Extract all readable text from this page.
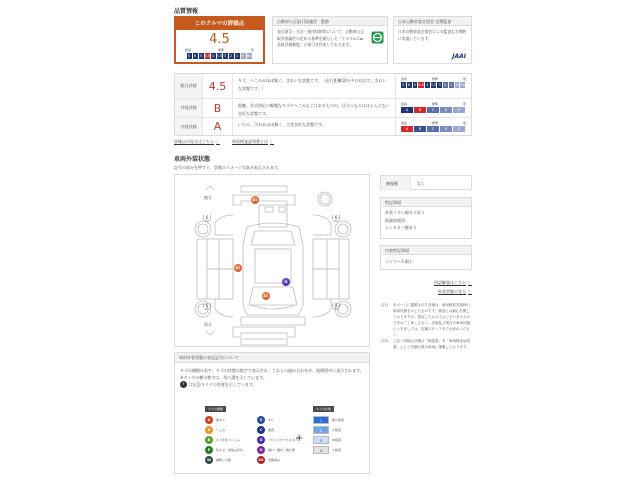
品質情報
このクルマの評価点
4.5
最高	標準	低
S	6	5 4.5 4 3.5 3	2	1	R RA
自動車公正取引協議会　監修
表示項目・方法・運用体制等について、自動車公正取引協議会の定める基準を満たした「トヨタU-Car品質評価制度」に基づき作成しております。
日本自動車査定協会 定期監査
日本自動車査定協会による監査も定期的に実施しています。
JAAI
総合評価	4.5	キズ、へこみがほぼ無く、きれいな状態です。（走行距離10万キロ以内で、きれいな状態です。）
最高	標準	低
S	6	5 4.5 4 3.5 3	2	1 R RA
外装評価	B	距離、年式相応の軽微なキズやへこみなどはあるものの、目立つものはほとんどない良好な状態です。
最高	標準	低
A	B	C	D	E
内装評価	A	いたみ、汚れがほぼ無く、大変良好な状態です。	最高	標準	低
A	B	C	D	E
評価点の見方はこちら 〉	車両検査証明書とは 〉
車両外装状態
記号の部分を押すと、状態のイメージ写真が表示されます。
後方
前方
[ 6 ]
mm
[ 6 ]
mm
[ 5 ]
mm
[ 5 ]
mm
A1
A1
G
A1
修復歴	なし
特記事項
外装うすい線キズあり
防錆処理済
レンタカー歴あり
内装特記事項
コンソール傷小
用語解説はこちら 〉
外装状態の見方 〉
注1)	本ページに掲載された評価は、車両検査実施時の車両状態を示したものです。検査には細心を期しておりますが、保証したものではございませんので予めご了承ください。詳細及び現在の車両状態につきましては、店舗スタッフまでお尋ねください。
注2)	上記と同様の評価は「検査書」を「車両検査証明書」として店舗の展示車両に掲載しております。
車両外装状態の表記記号について
キズの種類は英字、キズの状態は数字で表示され、これらの組み合わせが、展開図中に表示されます。
※タイヤの横の数字は、残り溝を示しています。
T	は応急タイヤの装着を示しています。
キズの種類
A	線キズ
U	へこみ
B	キズを伴うへこみ
P	色あせ・塗装はがれ
W	補修した跡
S	サビ
C	腐食
G	フロントガラスのキズ
X	割れ・破れ・取れ等
XX	交換済み
+
キズの状態
1	極小程度
2	小程度
3	中程度
4	大程度
